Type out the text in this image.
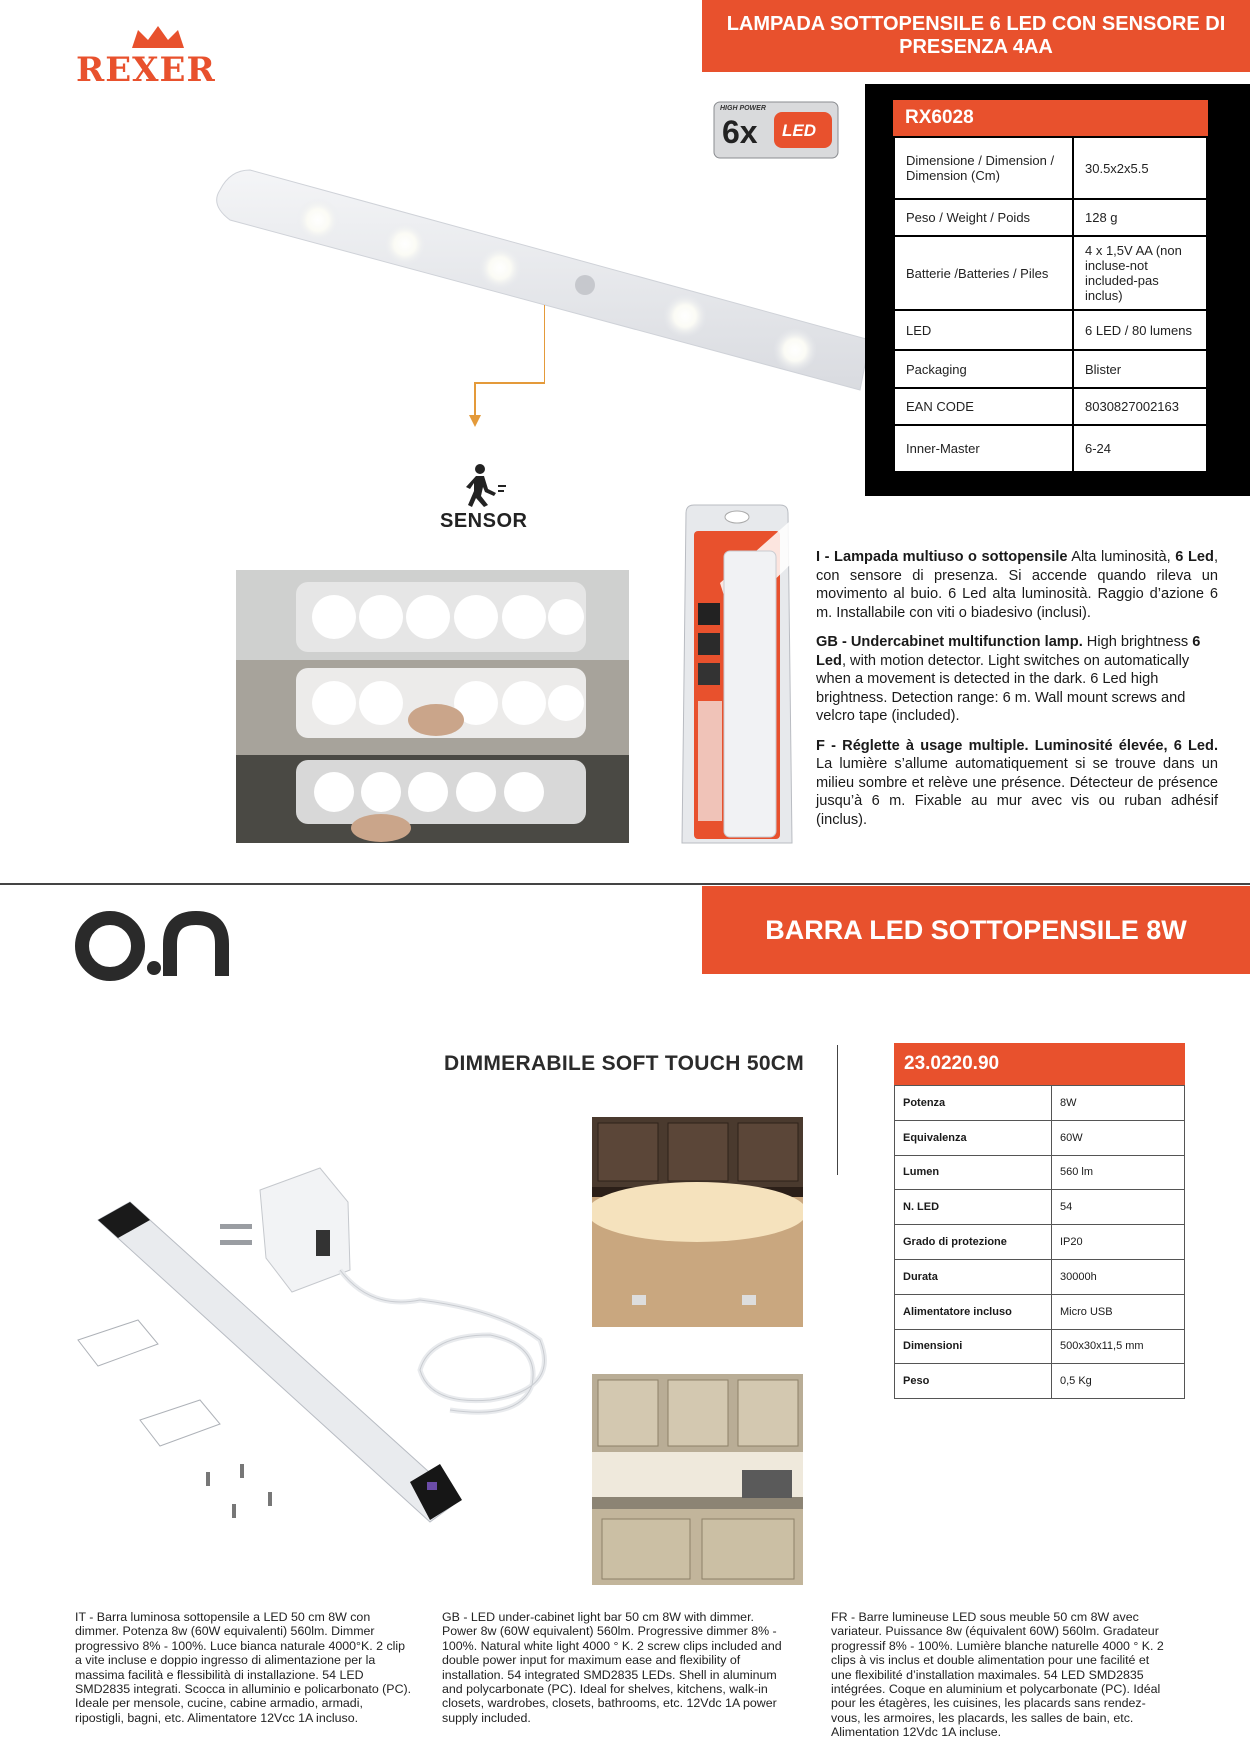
REXER
LAMPADA SOTTOPENSILE 6 LED CON SENSORE DI PRESENZA 4AA
HIGH POWER
6x LED
SENSOR
RX6028
Dimensione / Dimension / Dimension (Cm)	30.5x2x5.5
Peso / Weight / Poids	128 g
Batterie /Batteries / Piles	4 x 1,5V AA (non incluse-not included-pas inclus)
LED	6 LED / 80 lumens
Packaging	Blister
EAN CODE	8030827002163
Inner-Master	6-24

I - Lampada multiuso o sottopensile Alta luminosità, 6 Led, con sensore di presenza. Si accende quando rileva un movimento al buio. 6 Led alta luminosità. Raggio d’azione 6 m. Installabile con viti o biadesivo (inclusi).

GB - Undercabinet multifunction lamp. High brightness 6 Led, with motion detector. Light switches on automatically when a movement is detected in the dark. 6 Led high brightness. Detection range: 6 m. Wall mount screws and velcro tape (included).

F - Réglette à usage multiple. Luminosité élevée, 6 Led. La lumière s’allume automatiquement si se trouve dans un milieu sombre et relève une présence. Détecteur de présence jusqu’à 6 m. Fixable au mur avec vis ou ruban adhésif (inclus).

BARRA LED SOTTOPENSILE 8W
DIMMERABILE SOFT TOUCH 50CM	23.0220.90
Potenza	8W
Equivalenza	60W
Lumen	560 lm
N. LED	54
Grado di protezione	IP20
Durata	30000h
Alimentatore incluso	Micro USB
Dimensioni	500x30x11,5 mm
Peso	0,5 Kg
IT - Barra luminosa sottopensile a LED 50 cm 8W con dimmer. Potenza 8w (60W equivalenti) 560lm. Dimmer progressivo 8% - 100%. Luce bianca naturale 4000°K. 2 clip a vite incluse e doppio ingresso di alimentazione per la massima facilità e flessibilità di installazione. 54 LED SMD2835 integrati. Scocca in alluminio e policarbonato (PC). Ideale per mensole, cucine, cabine armadio, armadi, ripostigli, bagni, etc. Alimentatore 12Vcc 1A incluso.
GB - LED under-cabinet light bar 50 cm 8W with dimmer. Power 8w (60W equivalent) 560lm. Progressive dimmer 8% - 100%. Natural white light 4000 ° K. 2 screw clips included and double power input for maximum ease and flexibility of installation. 54 integrated SMD2835 LEDs. Shell in aluminum and polycarbonate (PC). Ideal for shelves, kitchens, walk-in closets, wardrobes, closets, bathrooms, etc. 12Vdc 1A power supply included.
FR - Barre lumineuse LED sous meuble 50 cm 8W avec variateur. Puissance 8w (équivalent 60W) 560lm. Gradateur progressif 8% - 100%. Lumière blanche naturelle 4000 ° K. 2 clips à vis inclus et double alimentation pour une facilité et une flexibilité d’installation maximales. 54 LED SMD2835 intégrées. Coque en aluminium et polycarbonate (PC). Idéal pour les étagères, les cuisines, les placards sans rendez-vous, les armoires, les placards, les salles de bain, etc. Alimentation 12Vdc 1A incluse.
